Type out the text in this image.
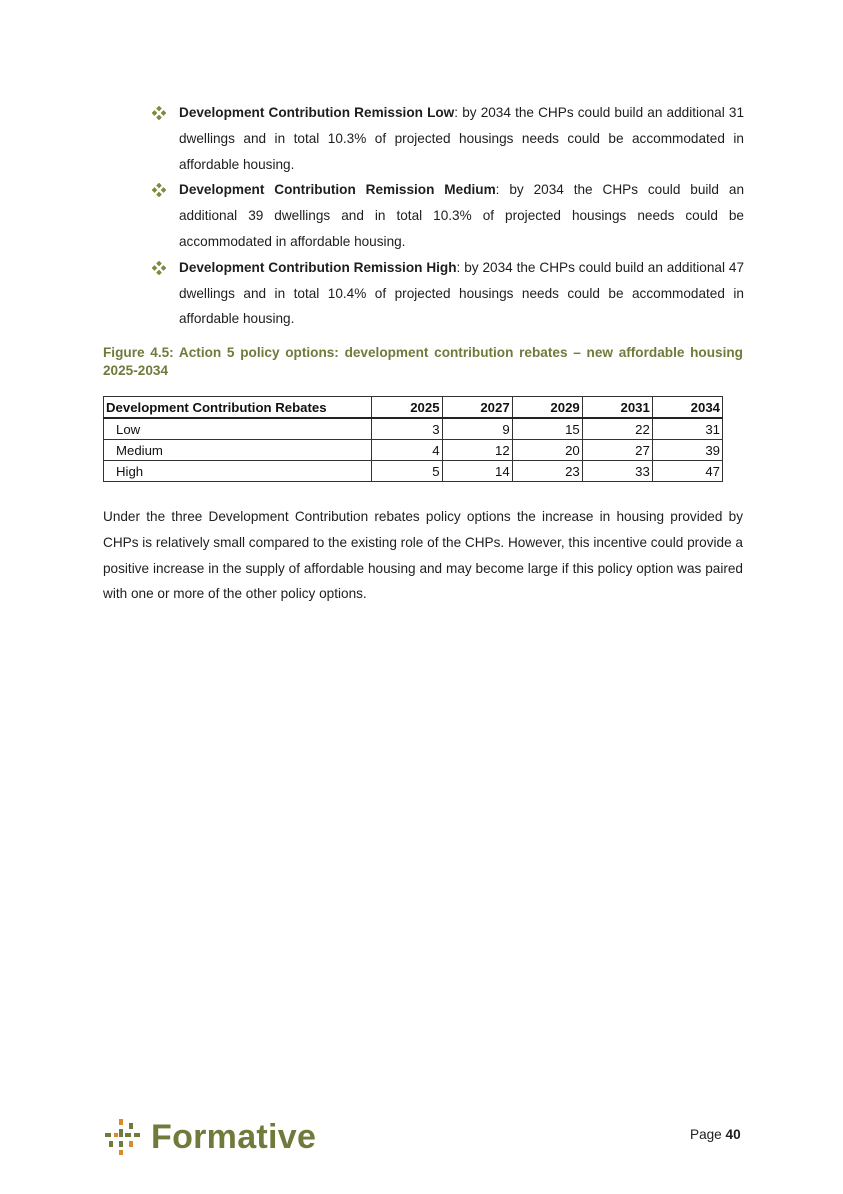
Development Contribution Remission Low: by 2034 the CHPs could build an additional 31 dwellings and in total 10.3% of projected housings needs could be accommodated in affordable housing.
Development Contribution Remission Medium: by 2034 the CHPs could build an additional 39 dwellings and in total 10.3% of projected housings needs could be accommodated in affordable housing.
Development Contribution Remission High: by 2034 the CHPs could build an additional 47 dwellings and in total 10.4% of projected housings needs could be accommodated in affordable housing.
Figure 4.5: Action 5 policy options: development contribution rebates – new affordable housing 2025-2034
Development Contribution Rebates	2025	2027	2029	2031	2034
Low	3	9	15	22	31
Medium	4	12	20	27	39
High	5	14	23	33	47
Under the three Development Contribution rebates policy options the increase in housing provided by CHPs is relatively small compared to the existing role of the CHPs. However, this incentive could provide a positive increase in the supply of affordable housing and may become large if this policy option was paired with one or more of the other policy options.
Formative	Page 40
